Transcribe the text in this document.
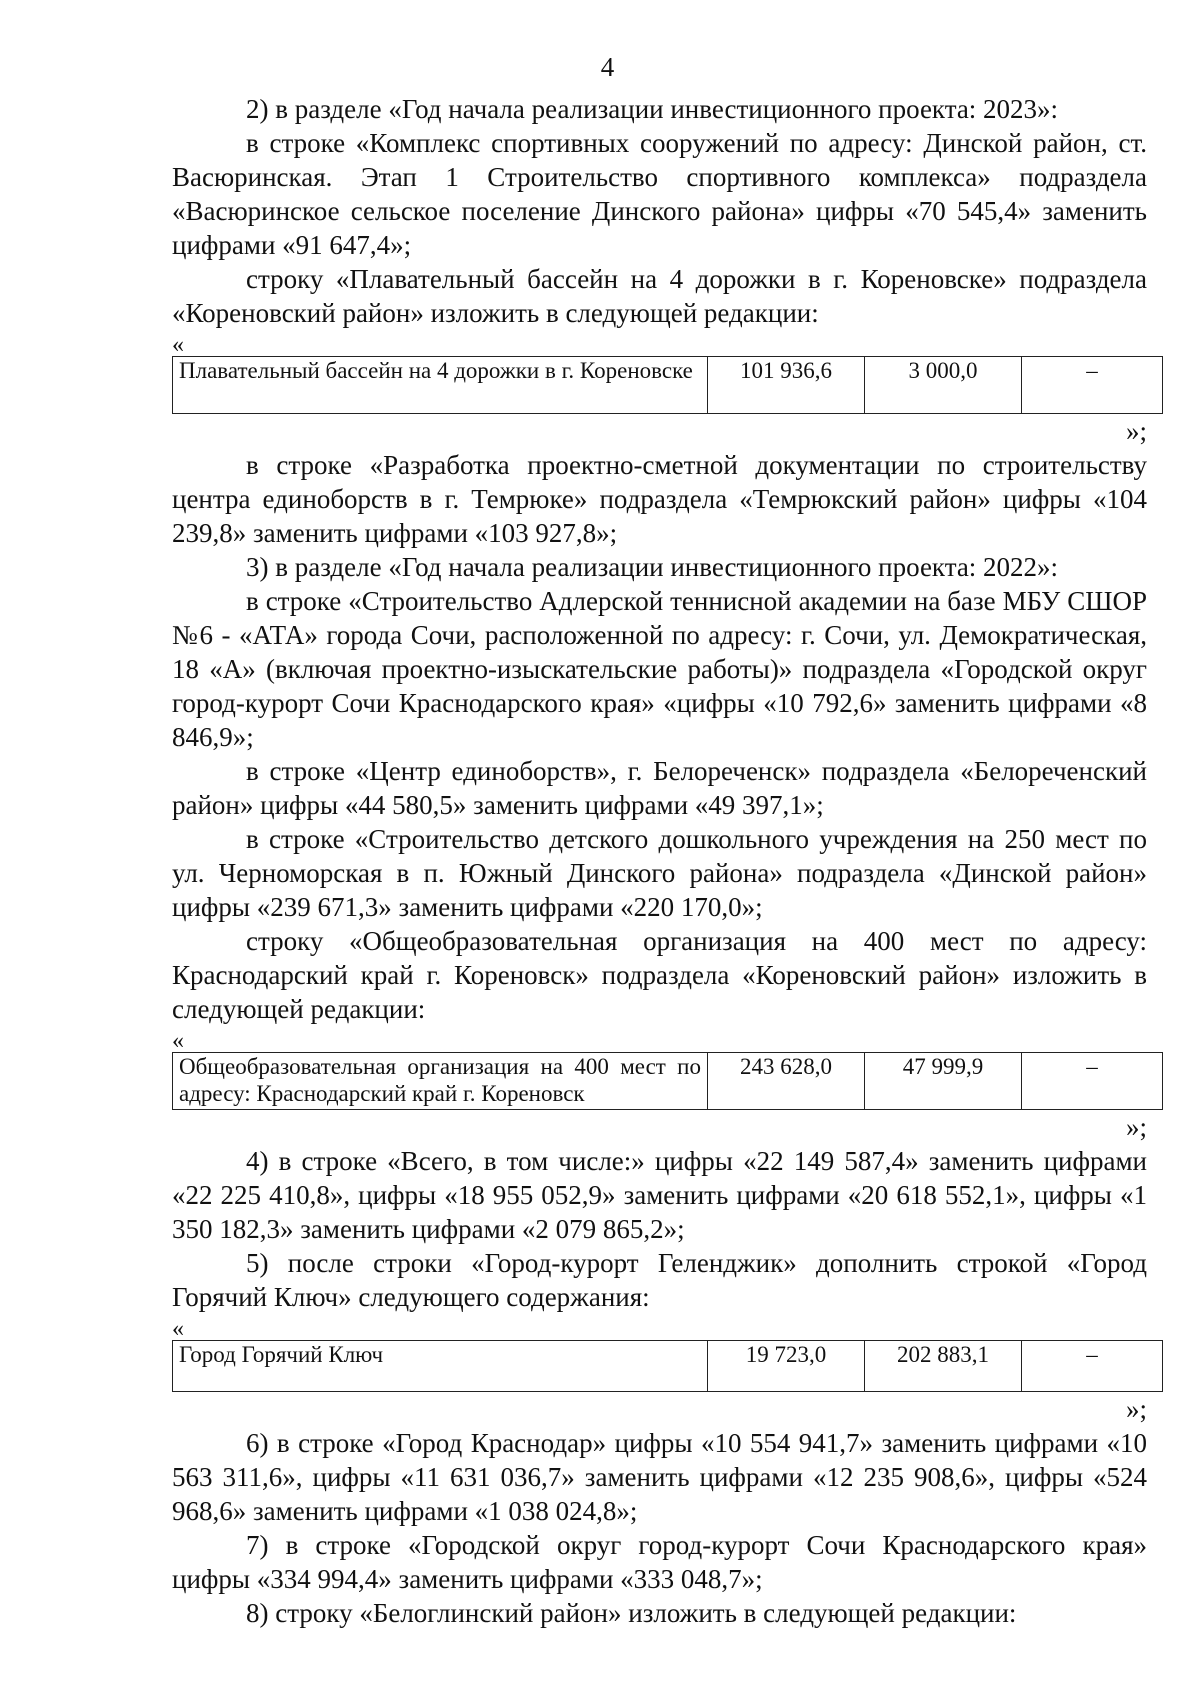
4

2) в разделе «Год начала реализации инвестиционного проекта: 2023»:

в строке «Комплекс спортивных сооружений по адресу: Динской район, ст. Васюринская. Этап 1 Строительство спортивного комплекса» подраздела «Васюринское сельское поселение Динского района» цифры «70 545,4» заменить цифрами «91 647,4»;

строку «Плавательный бассейн на 4 дорожки в г. Кореновске» подраздела «Кореновский район» изложить в следующей редакции:

«
Плавательный бассейн на 4 дорожки в г. Кореновске	101 936,6	3 000,0	–
»;

в строке «Разработка проектно-сметной документации по строительству центра единоборств в г. Темрюке» подраздела «Темрюкский район» цифры «104 239,8» заменить цифрами «103 927,8»;

3) в разделе «Год начала реализации инвестиционного проекта: 2022»:

в строке «Строительство Адлерской теннисной академии на базе МБУ СШОР №6 - «АТА» города Сочи, расположенной по адресу: г. Сочи, ул. Демократическая, 18 «А» (включая проектно-изыскательские работы)» подраздела «Городской округ город-курорт Сочи Краснодарского края» «цифры «10 792,6» заменить цифрами «8 846,9»;

в строке «Центр единоборств», г. Белореченск» подраздела «Белореченский район» цифры «44 580,5» заменить цифрами «49 397,1»;

в строке «Строительство детского дошкольного учреждения на 250 мест по ул. Черноморская в п. Южный Динского района» подраздела «Динской район» цифры «239 671,3» заменить цифрами «220 170,0»;

строку «Общеобразовательная организация на 400 мест по адресу: Краснодарский край г. Кореновск» подраздела «Кореновский район» изложить в следующей редакции:

«
Общеобразовательная организация на 400 мест по адресу: Краснодарский край г. Кореновск	243 628,0	47 999,9	–
»;

4) в строке «Всего, в том числе:» цифры «22 149 587,4» заменить цифрами «22 225 410,8», цифры «18 955 052,9» заменить цифрами «20 618 552,1», цифры «1 350 182,3» заменить цифрами «2 079 865,2»;

5) после строки «Город-курорт Геленджик» дополнить строкой «Город Горячий Ключ» следующего содержания:

«
Город Горячий Ключ	19 723,0	202 883,1	–
»;

6) в строке «Город Краснодар» цифры «10 554 941,7» заменить цифрами «10 563 311,6», цифры «11 631 036,7» заменить цифрами «12 235 908,6», цифры «524 968,6» заменить цифрами «1 038 024,8»;

7) в строке «Городской округ город-курорт Сочи Краснодарского края» цифры «334 994,4» заменить цифрами «333 048,7»;

8) строку «Белоглинский район» изложить в следующей редакции:
